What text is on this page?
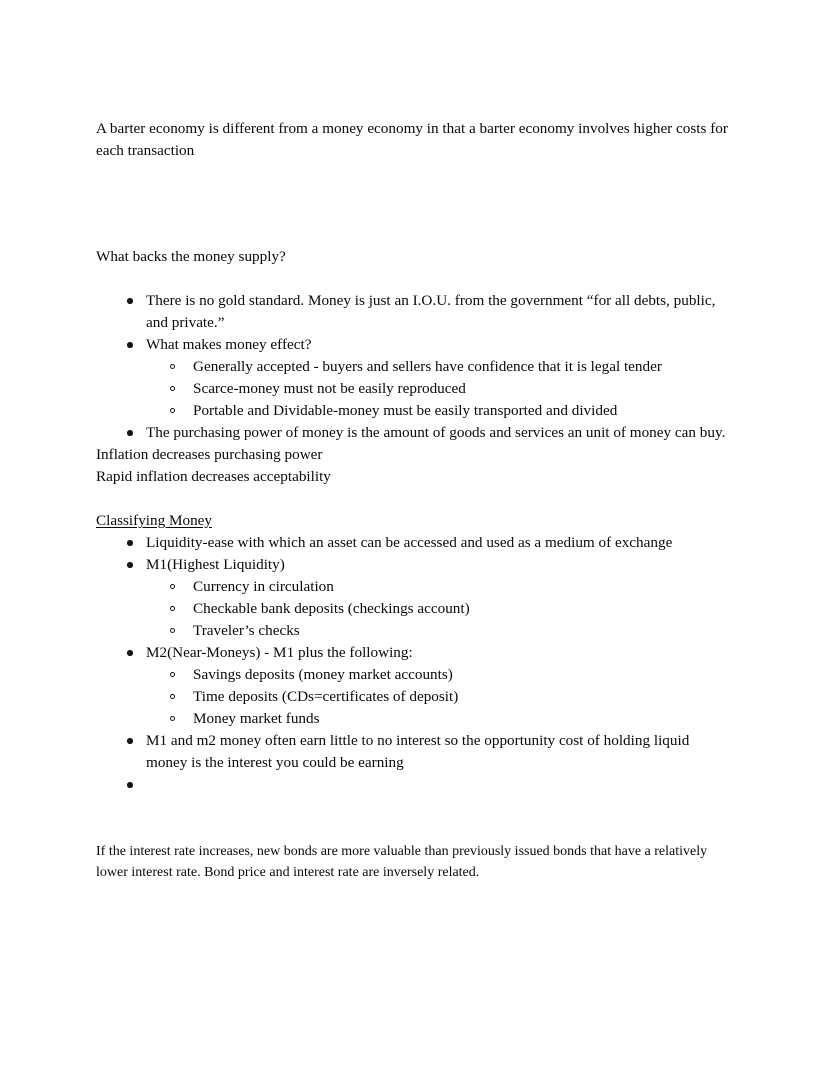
A barter economy is different from a money economy in that a barter economy involves higher costs for each transaction

What backs the money supply?

There is no gold standard. Money is just an I.O.U. from the government “for all debts, public, and private.”
What makes money effect?
Generally accepted - buyers and sellers have confidence that it is legal tender
Scarce-money must not be easily reproduced
Portable and Dividable-money must be easily transported and divided
The purchasing power of money is the amount of goods and services an unit of money can buy.

Inflation decreases purchasing power

Rapid inflation decreases acceptability

Classifying Money

Liquidity-ease with which an asset can be accessed and used as a medium of exchange
M1(Highest Liquidity)
Currency in circulation
Checkable bank deposits (checkings account)
Traveler’s checks
M2(Near-Moneys) - M1 plus the following:
Savings deposits (money market accounts)
Time deposits (CDs=certificates of deposit)
Money market funds
M1 and m2 money often earn little to no interest so the opportunity cost of holding liquid money is the interest you could be earning

If the interest rate increases, new bonds are more valuable than previously issued bonds that have a relatively lower interest rate. Bond price and interest rate are inversely related.
